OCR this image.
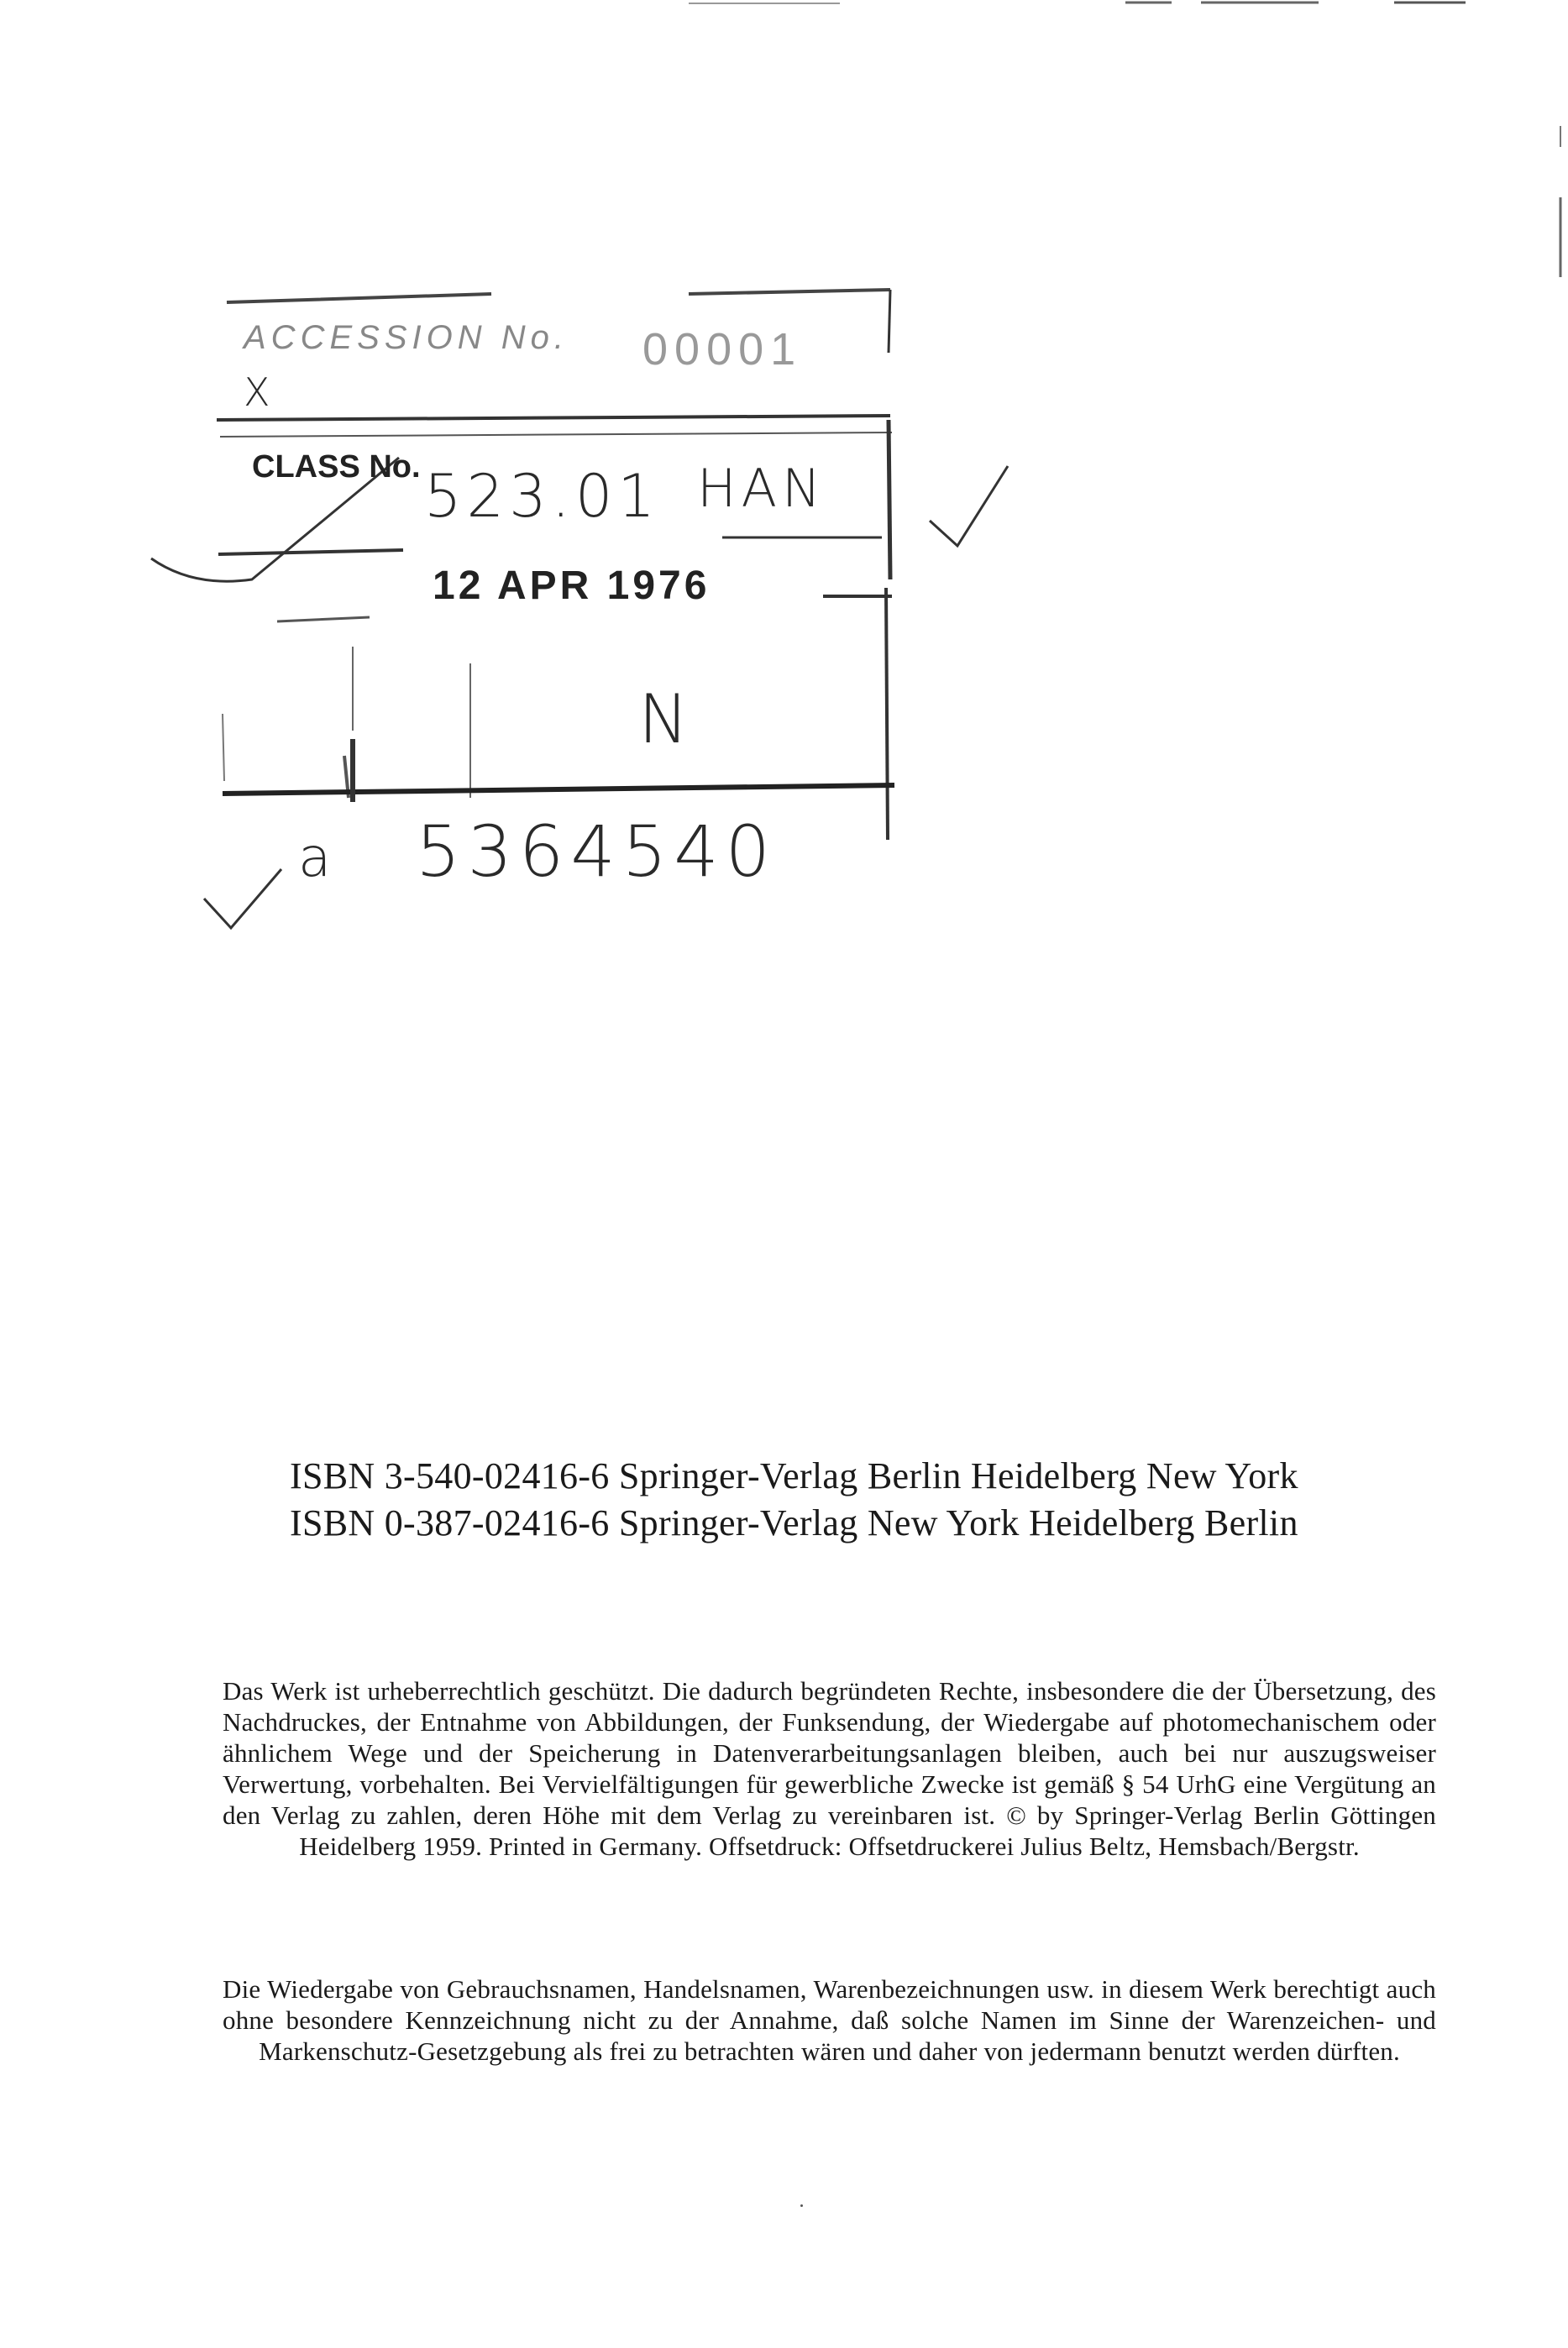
ACCESSION No. 00001
X
CLASS No. 523.01 HAN
12 APR 1976
N
a 5364540
ISBN 3-540-02416-6 Springer-Verlag Berlin Heidelberg New York
ISBN 0-387-02416-6 Springer-Verlag New York Heidelberg Berlin
Das Werk ist urheberrechtlich geschützt. Die dadurch begründeten Rechte, insbesondere die der Übersetzung, des Nachdruckes, der Entnahme von Abbildungen, der Funksendung, der Wiedergabe auf photomechanischem oder ähnlichem Wege und der Speicherung in Datenverarbeitungsanlagen bleiben, auch bei nur auszugsweiser Verwertung, vorbehalten. Bei Vervielfältigungen für gewerbliche Zwecke ist gemäß § 54 UrhG eine Vergütung an den Verlag zu zahlen, deren Höhe mit dem Verlag zu vereinbaren ist. © by Springer-Verlag Berlin Göttingen Heidelberg 1959. Printed in Germany. Offsetdruck: Offsetdruckerei Julius Beltz, Hemsbach/Bergstr.
Die Wiedergabe von Gebrauchsnamen, Handelsnamen, Warenbezeichnungen usw. in diesem Werk berechtigt auch ohne besondere Kennzeichnung nicht zu der Annahme, daß solche Namen im Sinne der Warenzeichen- und Markenschutz-Gesetzgebung als frei zu betrachten wären und daher von jedermann benutzt werden dürften.
